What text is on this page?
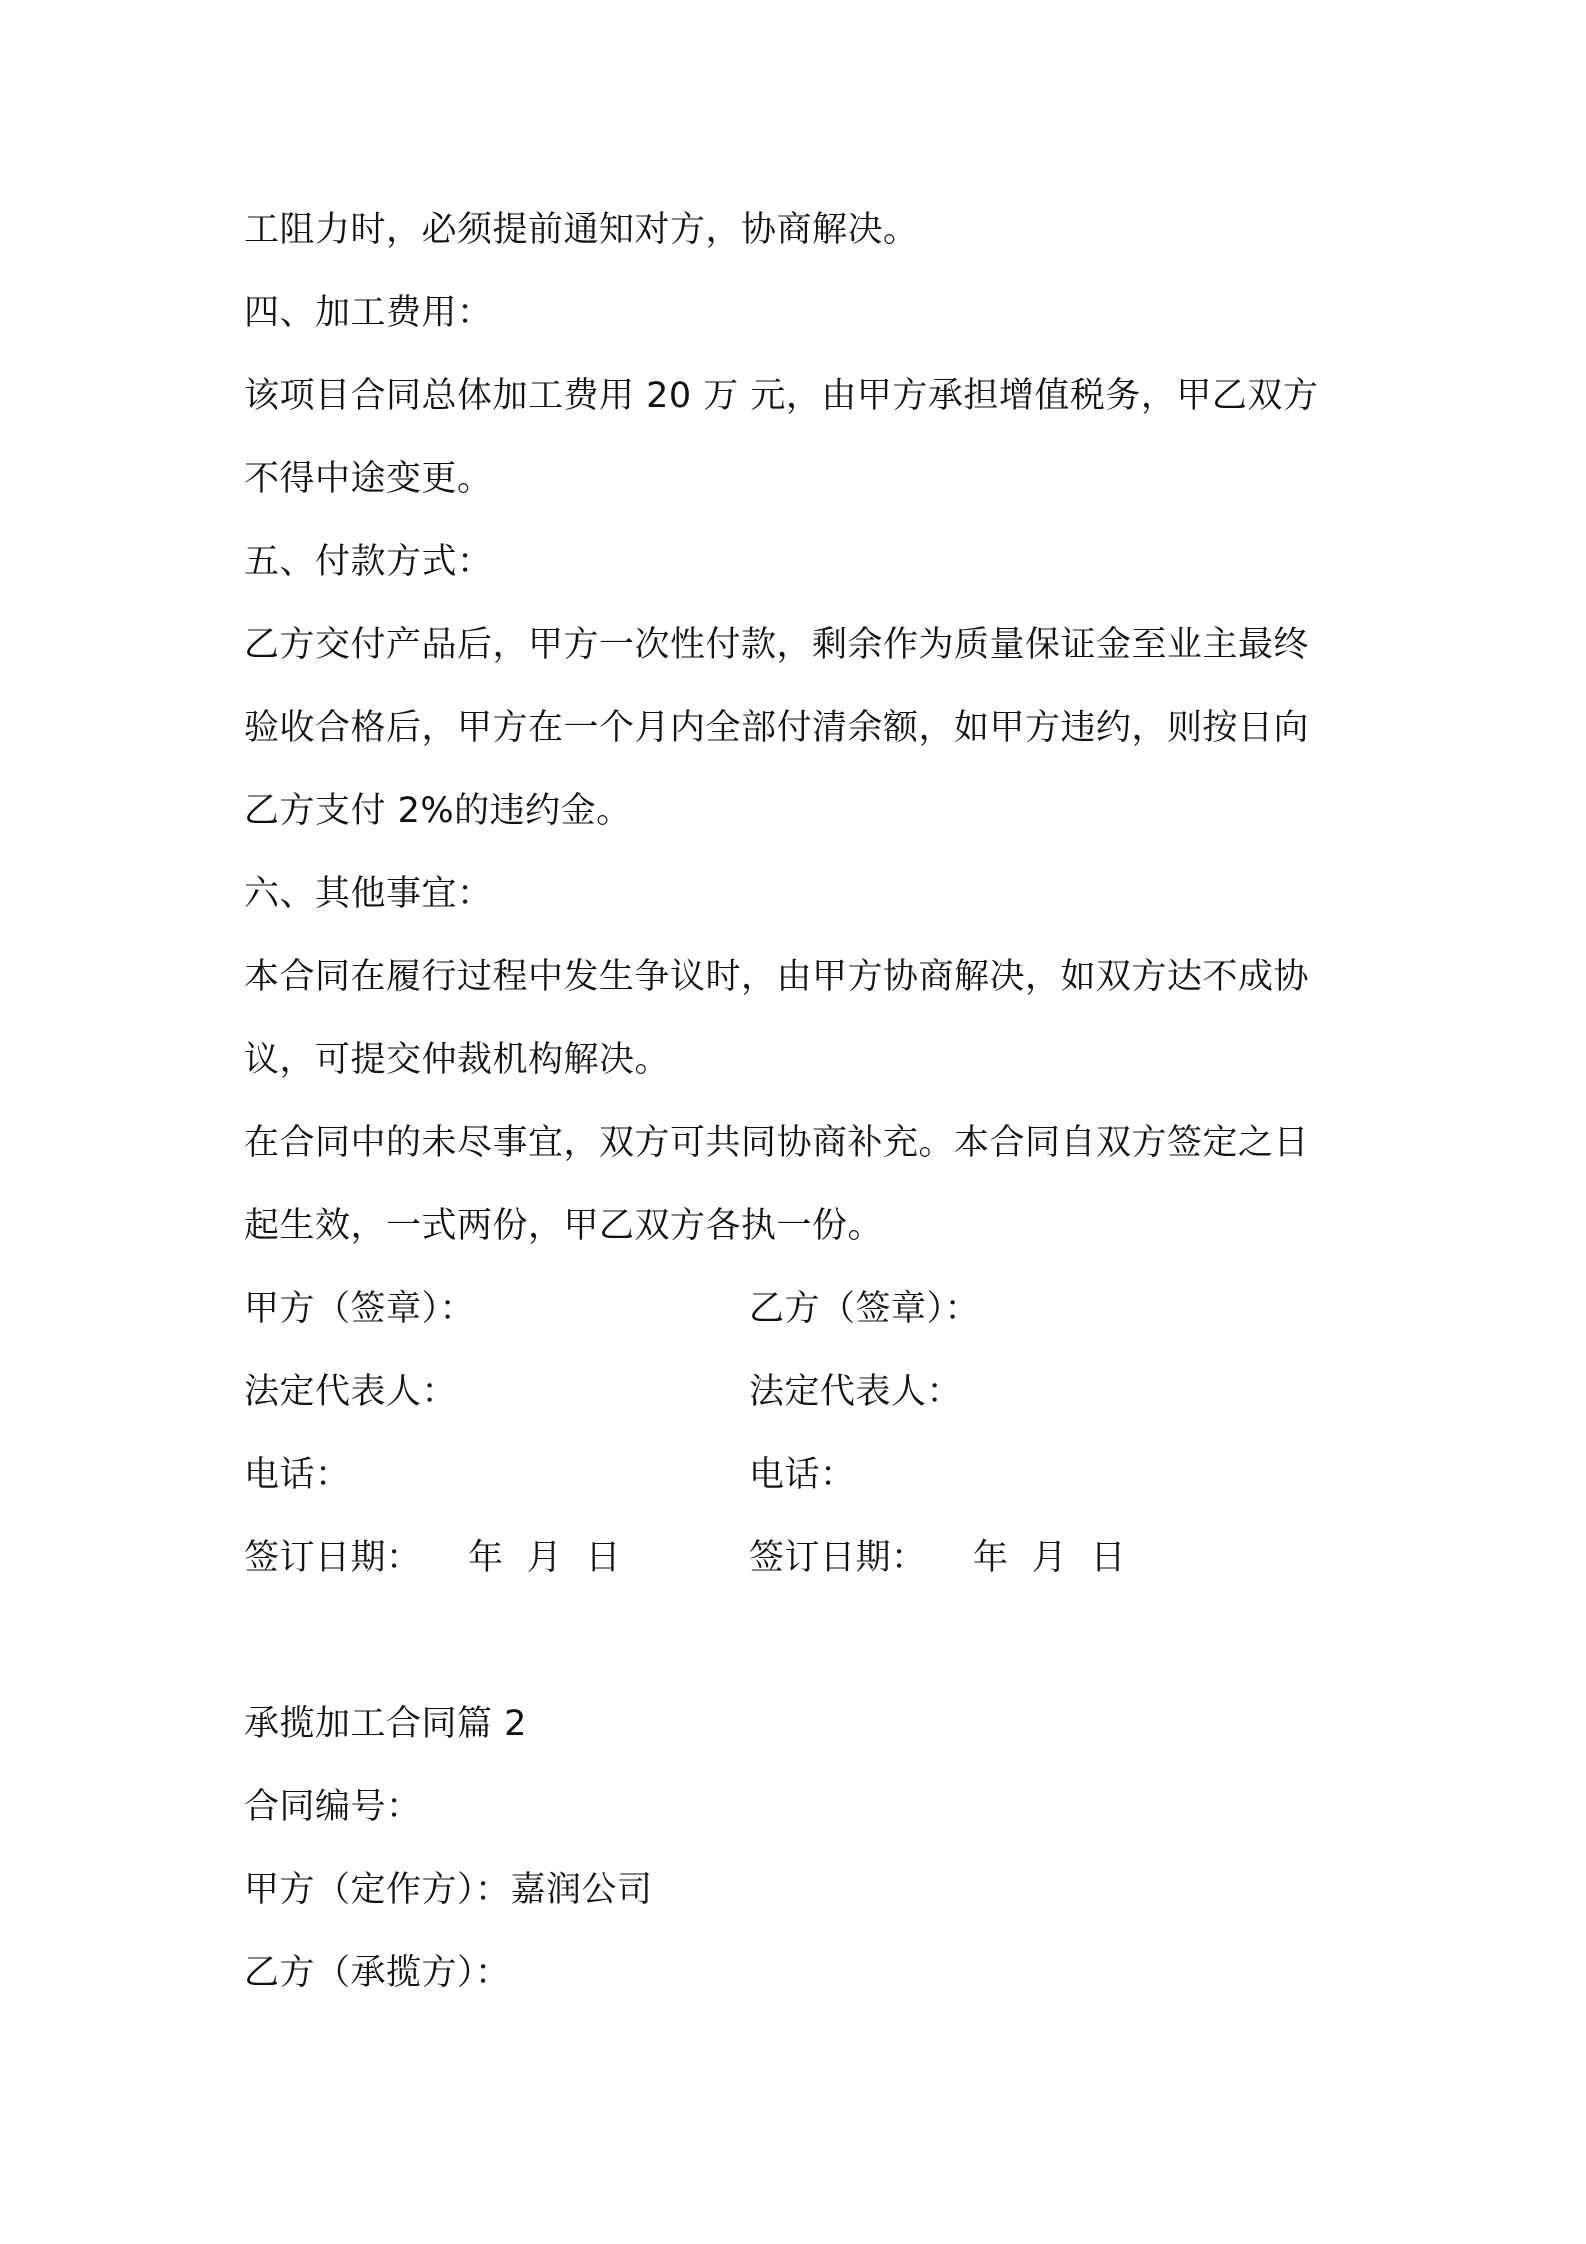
工阻力时，必须提前通知对方，协商解决。
四、加工费用：
该项目合同总体加工费用 20 万 元，由甲方承担增值税务，甲乙双方
不得中途变更。
五、付款方式：
乙方交付产品后，甲方一次性付款，剩余作为质量保证金至业主最终
验收合格后，甲方在一个月内全部付清余额，如甲方违约，则按日向
乙方支付 2%的违约金。
六、其他事宜：
本合同在履行过程中发生争议时，由甲方协商解决，如双方达不成协
议，可提交仲裁机构解决。
在合同中的未尽事宜，双方可共同协商补充。本合同自双方签定之日
起生效，一式两份，甲乙双方各执一份。
甲方（签章）：	乙方（签章）：
法定代表人：	法定代表人：
电话：	电话：
签订日期：    年  月  日	签订日期：    年  月  日
承揽加工合同篇 2
合同编号：
甲方（定作方）：嘉润公司
乙方（承揽方）：
